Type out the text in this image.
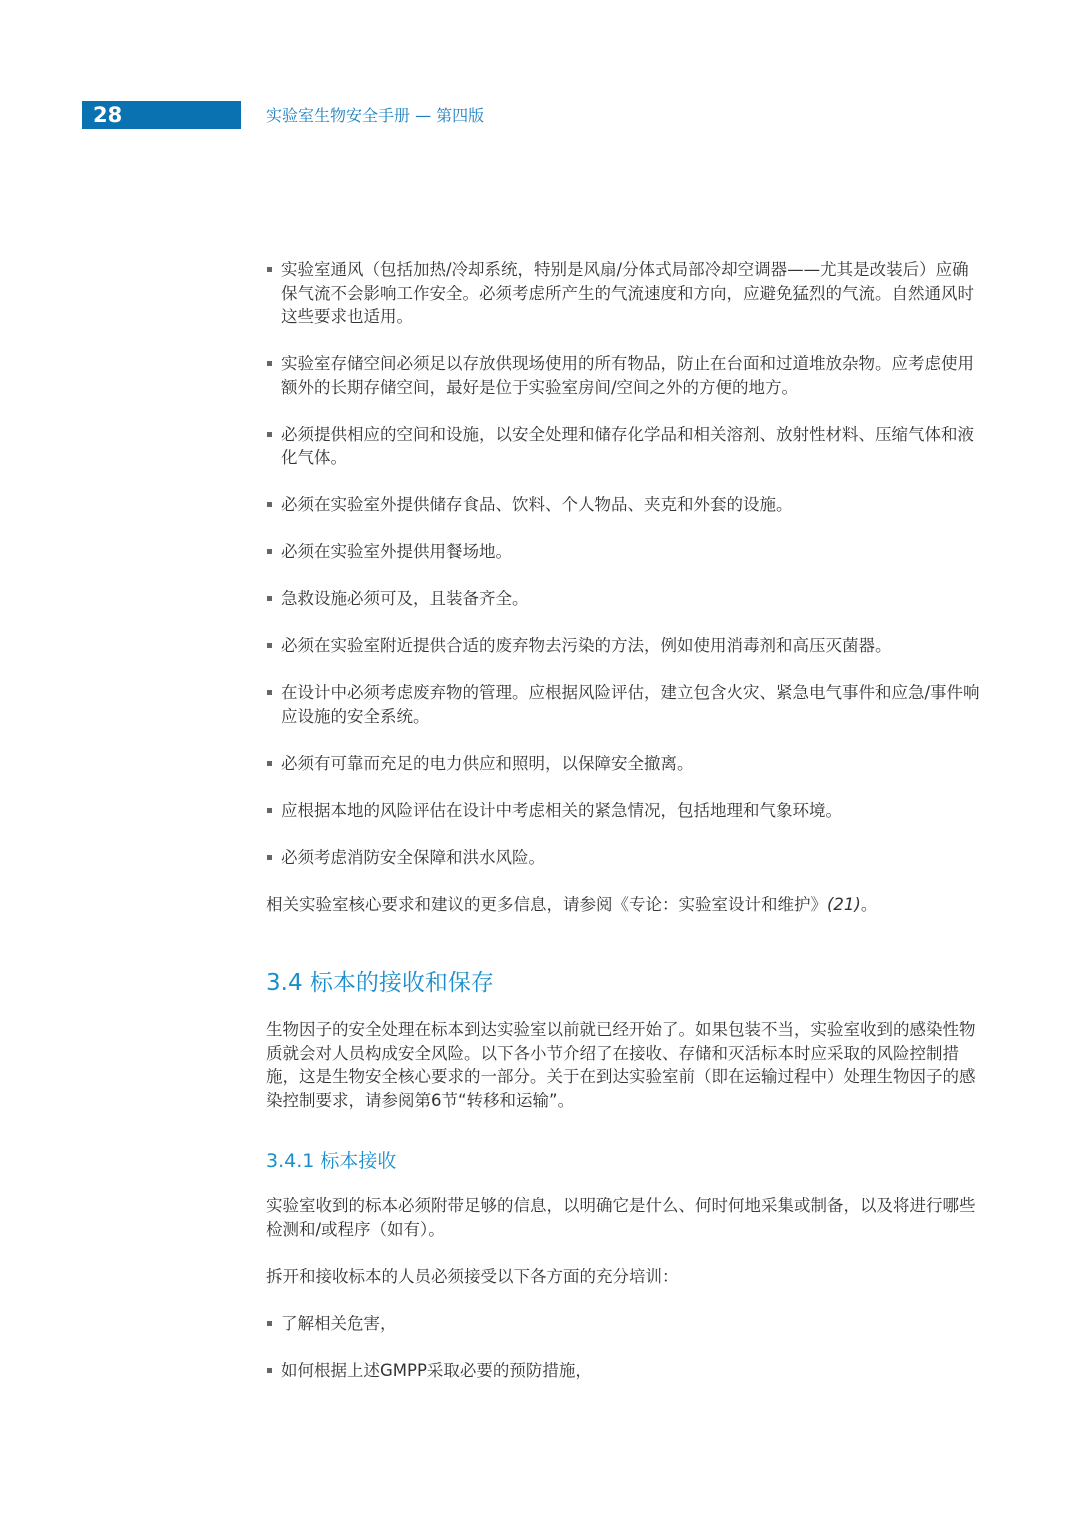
28	实验室生物安全手册 — 第四版
实验室通风（包括加热/冷却系统，特别是风扇/分体式局部冷却空调器——尤其是改装后）应确保气流不会影响工作安全。必须考虑所产生的气流速度和方向，应避免猛烈的气流。自然通风时这些要求也适用。
实验室存储空间必须足以存放供现场使用的所有物品，防止在台面和过道堆放杂物。应考虑使用额外的长期存储空间，最好是位于实验室房间/空间之外的方便的地方。
必须提供相应的空间和设施，以安全处理和储存化学品和相关溶剂、放射性材料、压缩气体和液化气体。
必须在实验室外提供储存食品、饮料、个人物品、夹克和外套的设施。
必须在实验室外提供用餐场地。
急救设施必须可及，且装备齐全。
必须在实验室附近提供合适的废弃物去污染的方法，例如使用消毒剂和高压灭菌器。
在设计中必须考虑废弃物的管理。应根据风险评估，建立包含火灾、紧急电气事件和应急/事件响应设施的安全系统。
必须有可靠而充足的电力供应和照明，以保障安全撤离。
应根据本地的风险评估在设计中考虑相关的紧急情况，包括地理和气象环境。
必须考虑消防安全保障和洪水风险。

相关实验室核心要求和建议的更多信息，请参阅《专论：实验室设计和维护》(21)。

3.4 标本的接收和保存

生物因子的安全处理在标本到达实验室以前就已经开始了。如果包装不当，实验室收到的感染性物质就会对人员构成安全风险。以下各小节介绍了在接收、存储和灭活标本时应采取的风险控制措施，这是生物安全核心要求的一部分。关于在到达实验室前（即在运输过程中）处理生物因子的感染控制要求，请参阅第6节“转移和运输”。

3.4.1 标本接收

实验室收到的标本必须附带足够的信息，以明确它是什么、何时何地采集或制备，以及将进行哪些检测和/或程序（如有）。

拆开和接收标本的人员必须接受以下各方面的充分培训：

了解相关危害，
如何根据上述GMPP采取必要的预防措施，
